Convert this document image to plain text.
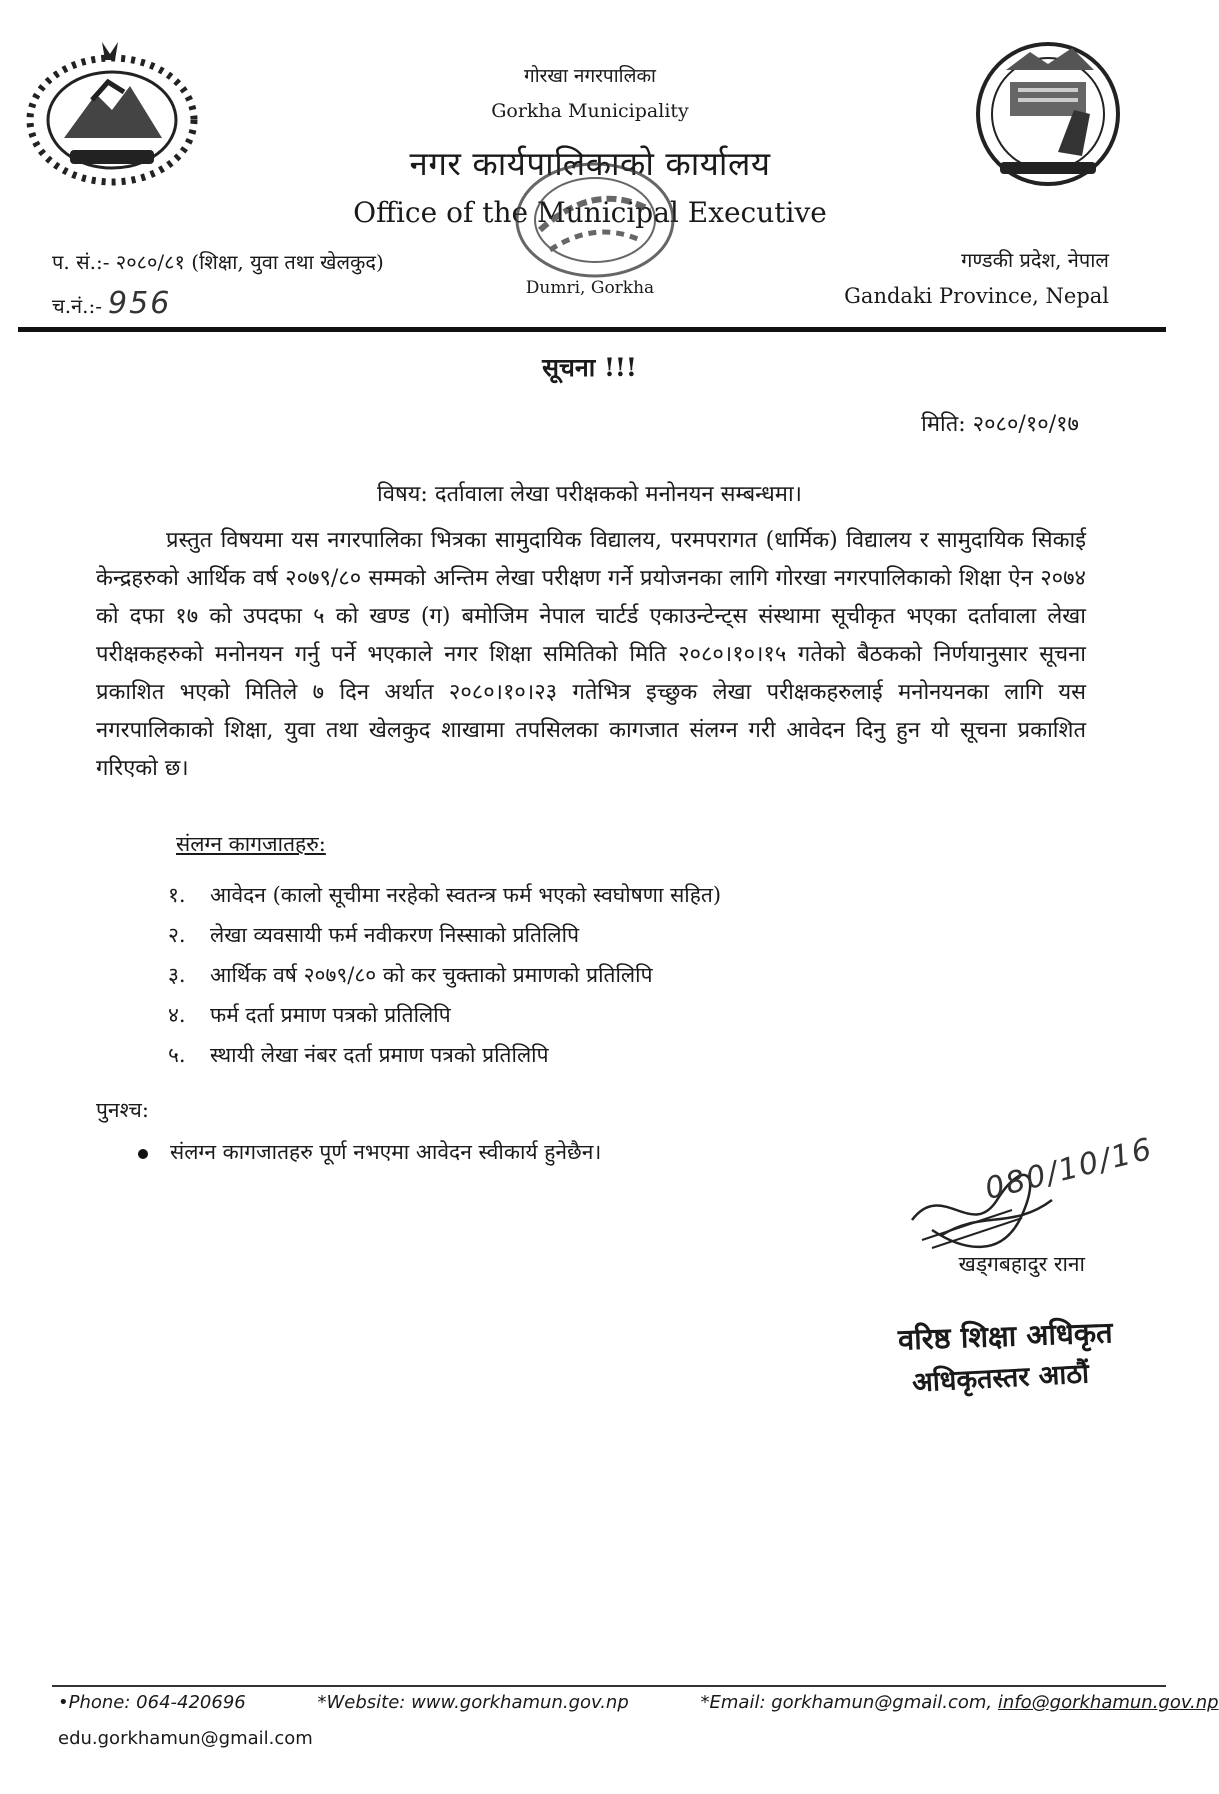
गोरखा नगरपालिका
Gorkha Municipality
नगर कार्यपालिकाको कार्यालय
Office of the Municipal Executive
Dumri, Gorkha
प. सं.:- २०८०/८१ (शिक्षा, युवा तथा खेलकुद)
च.नं.:- 956
गण्डकी प्रदेश, नेपाल
Gandaki Province, Nepal
सूचना !!!
मिति: २०८०/१०/१७
विषय: दर्तावाला लेखा परीक्षकको मनोनयन सम्बन्धमा।

प्रस्तुत विषयमा यस नगरपालिका भित्रका सामुदायिक विद्यालय, परमपरागत (धार्मिक) विद्यालय र सामुदायिक सिकाई केन्द्रहरुको आर्थिक वर्ष २०७९/८० सम्मको अन्तिम लेखा परीक्षण गर्ने प्रयोजनका लागि गोरखा नगरपालिकाको शिक्षा ऐन २०७४ को दफा १७ को उपदफा ५ को खण्ड (ग) बमोजिम नेपाल चार्टर्ड एकाउन्टेन्ट्स संस्थामा सूचीकृत भएका दर्तावाला लेखा परीक्षकहरुको मनोनयन गर्नु पर्ने भएकाले नगर शिक्षा समितिको मिति २०८०।१०।१५ गतेको बैठकको निर्णयानुसार सूचना प्रकाशित भएको मितिले ७ दिन अर्थात २०८०।१०।२३ गतेभित्र इच्छुक लेखा परीक्षकहरुलाई मनोनयनका लागि यस नगरपालिकाको शिक्षा, युवा तथा खेलकुद शाखामा तपसिलका कागजात संलग्न गरी आवेदन दिनु हुन यो सूचना प्रकाशित गरिएको छ।

संलग्न कागजातहरु:
१. आवेदन (कालो सूचीमा नरहेको स्वतन्त्र फर्म भएको स्वघोषणा सहित)
२. लेखा व्यवसायी फर्म नवीकरण निस्साको प्रतिलिपि
३. आर्थिक वर्ष २०७९/८० को कर चुक्ताको प्रमाणको प्रतिलिपि
४. फर्म दर्ता प्रमाण पत्रको प्रतिलिपि
५. स्थायी लेखा नंबर दर्ता प्रमाण पत्रको प्रतिलिपि
पुनश्च:
संलग्न कागजातहरु पूर्ण नभएमा आवेदन स्वीकार्य हुनेछैन।	080/10/16
खड्गबहादुर राना
वरिष्ठ शिक्षा अधिकृत
अधिकृतस्तर आठौं
•Phone: 064-420696	*Website: www.gorkhamun.gov.np	*Email: gorkhamun@gmail.com, info@gorkhamun.gov.np
edu.gorkhamun@gmail.com
